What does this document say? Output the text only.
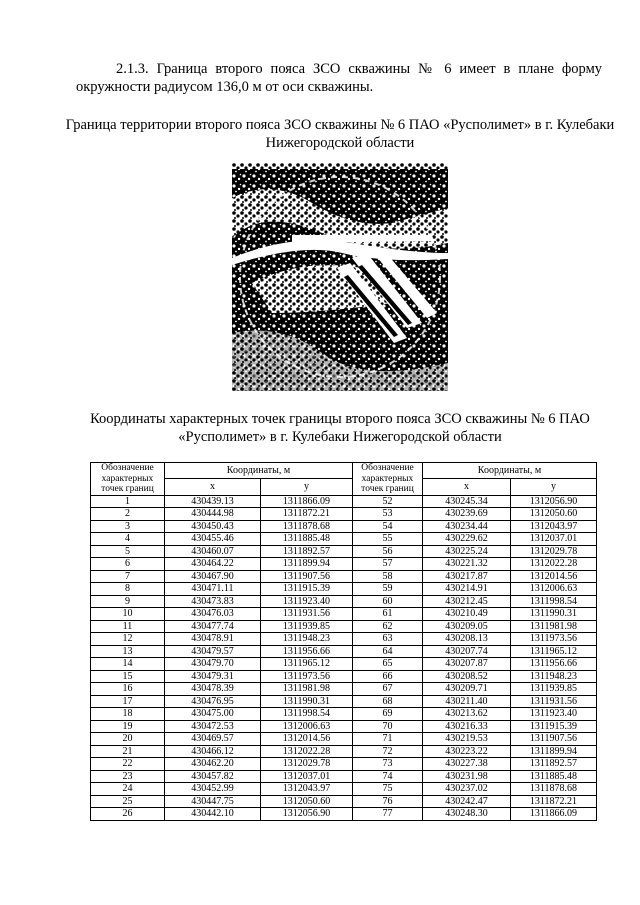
2.1.3. Граница второго пояса ЗСО скважины № 6 имеет в плане форму окружности радиусом 136,0 м от оси скважины.

Граница территории второго пояса ЗСО скважины № 6 ПАО «Русполимет» в г. Кулебаки Нижегородской области

Координаты характерных точек границы второго пояса ЗСО скважины № 6 ПАО «Русполимет» в г. Кулебаки Нижегородской области

Обозначение характерных точек границ	Координаты, м		Обозначение характерных точек границ	Координаты, м	
	x	y		x	y
1	430439.13	1311866.09	52	430245.34	1312056.90
2	430444.98	1311872.21	53	430239.69	1312050.60
3	430450.43	1311878.68	54	430234.44	1312043.97
4	430455.46	1311885.48	55	430229.62	1312037.01
5	430460.07	1311892.57	56	430225.24	1312029.78
6	430464.22	1311899.94	57	430221.32	1312022.28
7	430467.90	1311907.56	58	430217.87	1312014.56
8	430471.11	1311915.39	59	430214.91	1312006.63
9	430473.83	1311923.40	60	430212.45	1311998.54
10	430476.03	1311931.56	61	430210.49	1311990.31
11	430477.74	1311939.85	62	430209.05	1311981.98
12	430478.91	1311948.23	63	430208.13	1311973.56
13	430479.57	1311956.66	64	430207.74	1311965.12
14	430479.70	1311965.12	65	430207.87	1311956.66
15	430479.31	1311973.56	66	430208.52	1311948.23
16	430478.39	1311981.98	67	430209.71	1311939.85
17	430476.95	1311990.31	68	430211.40	1311931.56
18	430475.00	1311998.54	69	430213.62	1311923.40
19	430472.53	1312006.63	70	430216.33	1311915.39
20	430469.57	1312014.56	71	430219.53	1311907.56
21	430466.12	1312022.28	72	430223.22	1311899.94
22	430462.20	1312029.78	73	430227.38	1311892.57
23	430457.82	1312037.01	74	430231.98	1311885.48
24	430452.99	1312043.97	75	430237.02	1311878.68
25	430447.75	1312050.60	76	430242.47	1311872.21
26	430442.10	1312056.90	77	430248.30	1311866.09
